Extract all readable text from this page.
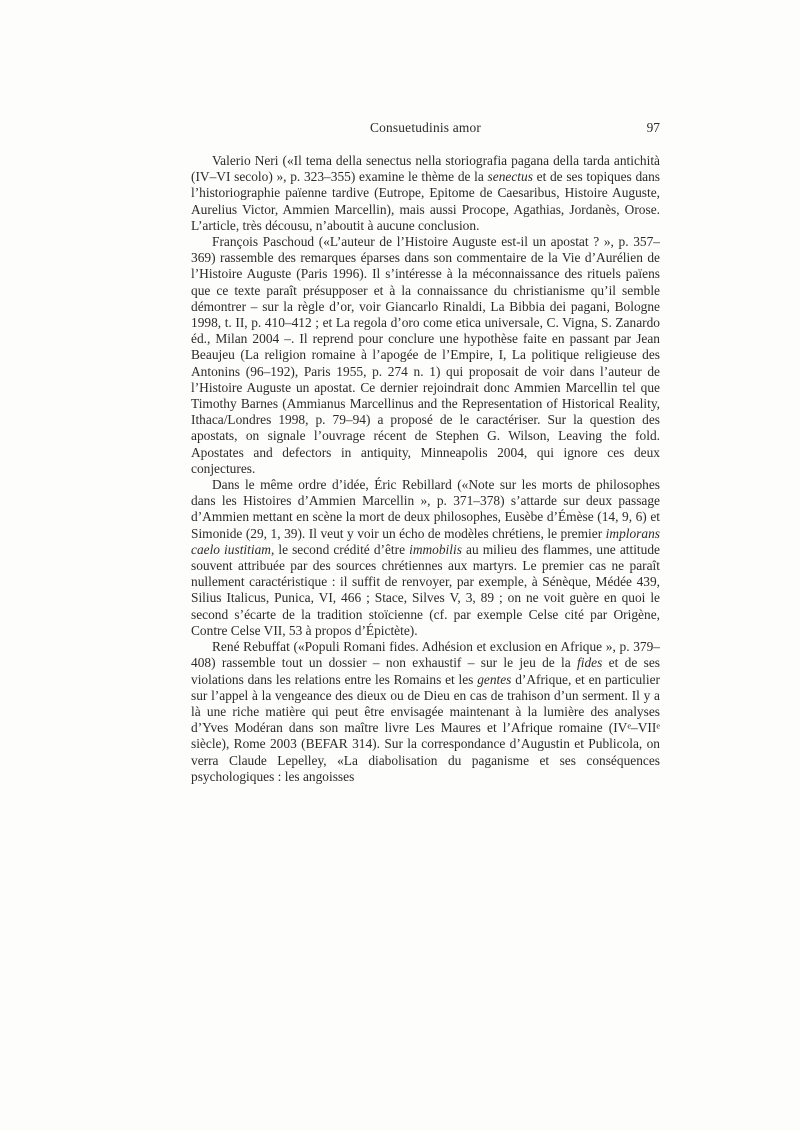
Consuetudinis amor	97

Valerio Neri («Il tema della senectus nella storiografia pagana della tarda antichità (IV–VI secolo) », p. 323–355) examine le thème de la senectus et de ses topiques dans l’historiographie païenne tardive (Eutrope, Epitome de Caesaribus, Histoire Auguste, Aurelius Victor, Ammien Marcellin), mais aussi Procope, Agathias, Jordanès, Orose. L’article, très décousu, n’aboutit à aucune conclusion.

François Paschoud («L’auteur de l’Histoire Auguste est-il un apostat ? », p. 357–369) rassemble des remarques éparses dans son commentaire de la Vie d’Aurélien de l’Histoire Auguste (Paris 1996). Il s’intéresse à la méconnaissance des rituels païens que ce texte paraît présupposer et à la connaissance du christianisme qu’il semble démontrer – sur la règle d’or, voir Giancarlo Rinaldi, La Bibbia dei pagani, Bologne 1998, t. II, p. 410–412 ; et La regola d’oro come etica universale, C. Vigna, S. Zanardo éd., Milan 2004 –. Il reprend pour conclure une hypothèse faite en passant par Jean Beaujeu (La religion romaine à l’apogée de l’Empire, I, La politique religieuse des Antonins (96–192), Paris 1955, p. 274 n. 1) qui proposait de voir dans l’auteur de l’Histoire Auguste un apostat. Ce dernier rejoindrait donc Ammien Marcellin tel que Timothy Barnes (Ammianus Marcellinus and the Representation of Historical Reality, Ithaca/Londres 1998, p. 79–94) a proposé de le caractériser. Sur la question des apostats, on signale l’ouvrage récent de Stephen G. Wilson, Leaving the fold. Apostates and defectors in antiquity, Minneapolis 2004, qui ignore ces deux conjectures.

Dans le même ordre d’idée, Éric Rebillard («Note sur les morts de philosophes dans les Histoires d’Ammien Marcellin », p. 371–378) s’attarde sur deux passage d’Ammien mettant en scène la mort de deux philosophes, Eusèbe d’Émèse (14, 9, 6) et Simonide (29, 1, 39). Il veut y voir un écho de modèles chrétiens, le premier implorans caelo iustitiam, le second crédité d’être immobilis au milieu des flammes, une attitude souvent attribuée par des sources chrétiennes aux martyrs. Le premier cas ne paraît nullement caractéristique : il suffit de renvoyer, par exemple, à Sénèque, Médée 439, Silius Italicus, Punica, VI, 466 ; Stace, Silves V, 3, 89 ; on ne voit guère en quoi le second s’écarte de la tradition stoïcienne (cf. par exemple Celse cité par Origène, Contre Celse VII, 53 à propos d’Épictète).

René Rebuffat («Populi Romani fides. Adhésion et exclusion en Afrique », p. 379–408) rassemble tout un dossier – non exhaustif – sur le jeu de la fides et de ses violations dans les relations entre les Romains et les gentes d’Afrique, et en particulier sur l’appel à la vengeance des dieux ou de Dieu en cas de trahison d’un serment. Il y a là une riche matière qui peut être envisagée maintenant à la lumière des analyses d’Yves Modéran dans son maître livre Les Maures et l’Afrique romaine (IVe–VIIe siècle), Rome 2003 (BEFAR 314). Sur la correspondance d’Augustin et Publicola, on verra Claude Lepelley, «La diabolisation du paganisme et ses conséquences psychologiques : les angoisses
